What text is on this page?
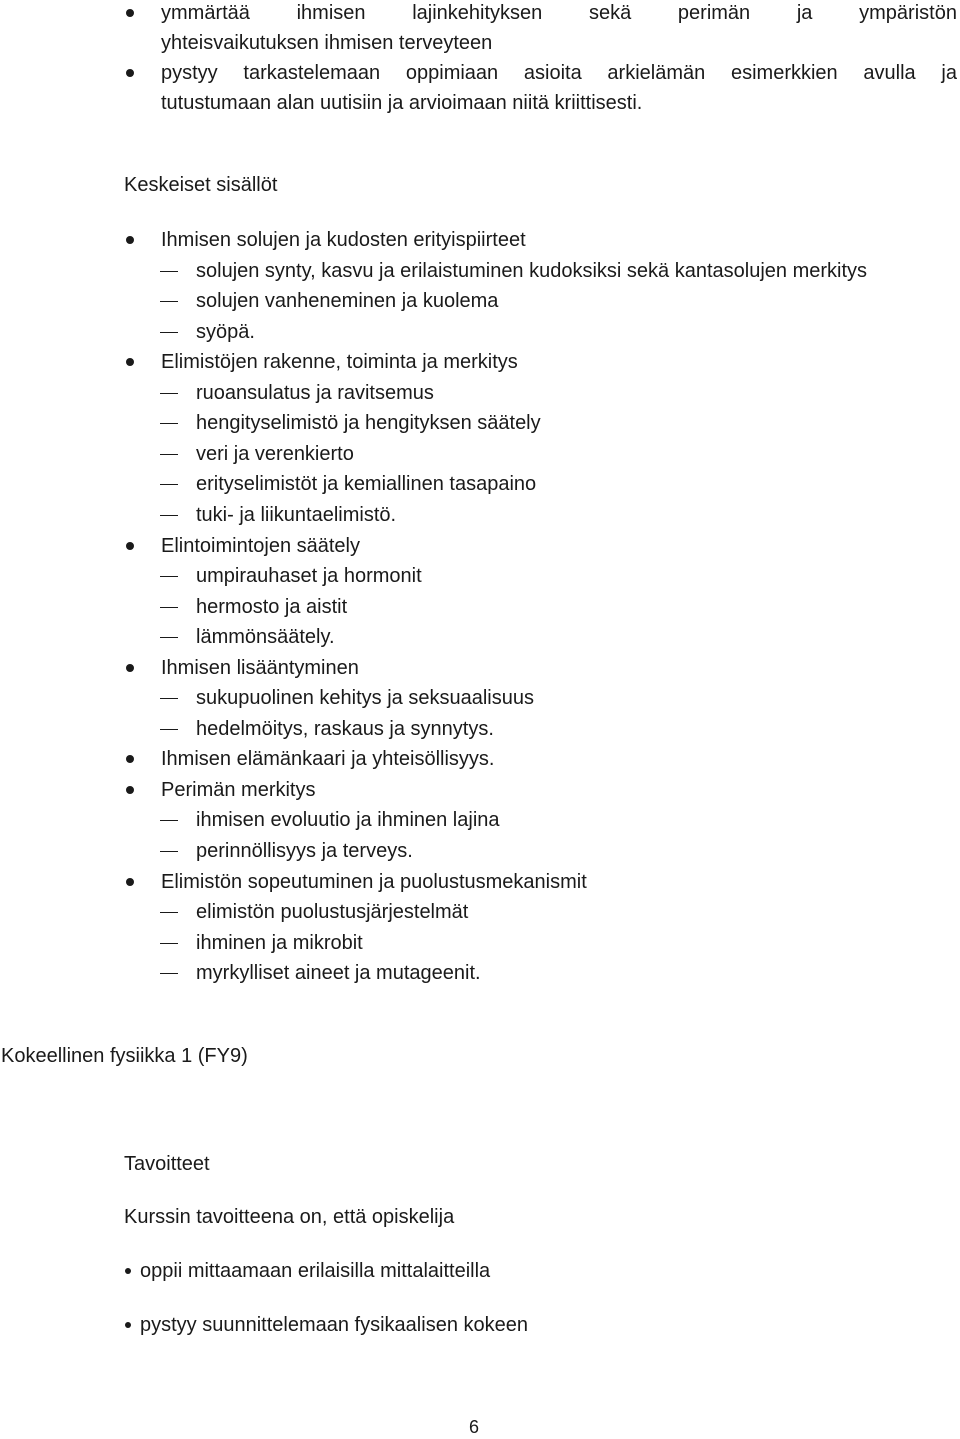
ymmärtää ihmisen lajinkehityksen sekä perimän ja ympäristön
yhteisvaikutuksen ihmisen terveyteen
pystyy tarkastelemaan oppimiaan asioita arkielämän esimerkkien avulla ja
tutustumaan alan uutisiin ja arvioimaan niitä kriittisesti.
Keskeiset sisällöt
Ihmisen solujen ja kudosten erityispiirteet
solujen synty, kasvu ja erilaistuminen kudoksiksi sekä kantasolujen merkitys
solujen vanheneminen ja kuolema
syöpä.
Elimistöjen rakenne, toiminta ja merkitys
ruoansulatus ja ravitsemus
hengityselimistö ja hengityksen säätely
veri ja verenkierto
erityselimistöt ja kemiallinen tasapaino
tuki- ja liikuntaelimistö.
Elintoimintojen säätely
umpirauhaset ja hormonit
hermosto ja aistit
lämmönsäätely.
Ihmisen lisääntyminen
sukupuolinen kehitys ja seksuaalisuus
hedelmöitys, raskaus ja synnytys.
Ihmisen elämänkaari ja yhteisöllisyys.
Perimän merkitys
ihmisen evoluutio ja ihminen lajina
perinnöllisyys ja terveys.
Elimistön sopeutuminen ja puolustusmekanismit
elimistön puolustusjärjestelmät
ihminen ja mikrobit
myrkylliset aineet ja mutageenit.
Kokeellinen fysiikka 1 (FY9)
Tavoitteet
Kurssin tavoitteena on, että opiskelija
oppii mittaamaan erilaisilla mittalaitteilla
pystyy suunnittelemaan fysikaalisen kokeen
6
